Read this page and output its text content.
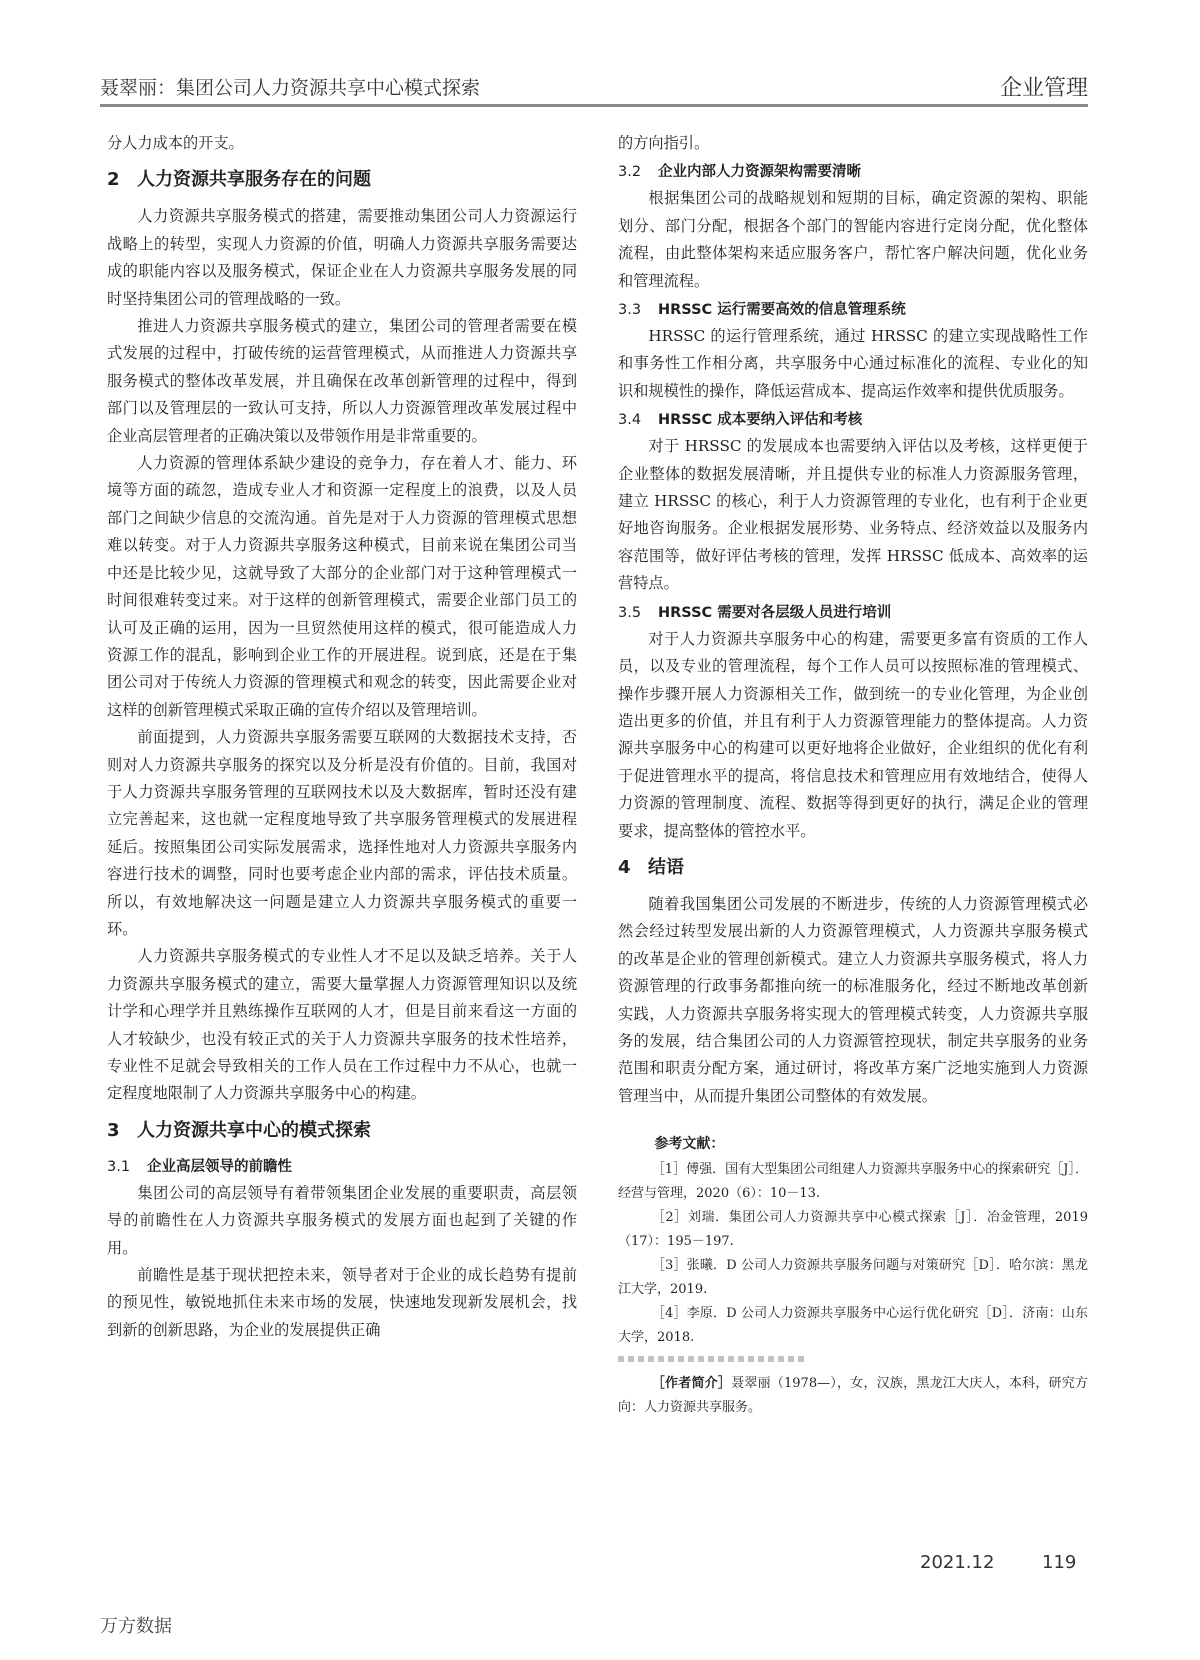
聂翠丽：集团公司人力资源共享中心模式探索	企业管理

分人力成本的开支。

2 人力资源共享服务存在的问题

人力资源共享服务模式的搭建，需要推动集团公司人力资源运行战略上的转型，实现人力资源的价值，明确人力资源共享服务需要达成的职能内容以及服务模式，保证企业在人力资源共享服务发展的同时坚持集团公司的管理战略的一致。

推进人力资源共享服务模式的建立，集团公司的管理者需要在模式发展的过程中，打破传统的运营管理模式，从而推进人力资源共享服务模式的整体改革发展，并且确保在改革创新管理的过程中，得到部门以及管理层的一致认可支持，所以人力资源管理改革发展过程中企业高层管理者的正确决策以及带领作用是非常重要的。

人力资源的管理体系缺少建设的竞争力，存在着人才、能力、环境等方面的疏忽，造成专业人才和资源一定程度上的浪费，以及人员部门之间缺少信息的交流沟通。首先是对于人力资源的管理模式思想难以转变。对于人力资源共享服务这种模式，目前来说在集团公司当中还是比较少见，这就导致了大部分的企业部门对于这种管理模式一时间很难转变过来。对于这样的创新管理模式，需要企业部门员工的认可及正确的运用，因为一旦贸然使用这样的模式，很可能造成人力资源工作的混乱，影响到企业工作的开展进程。说到底，还是在于集团公司对于传统人力资源的管理模式和观念的转变，因此需要企业对这样的创新管理模式采取正确的宣传介绍以及管理培训。

前面提到，人力资源共享服务需要互联网的大数据技术支持，否则对人力资源共享服务的探究以及分析是没有价值的。目前，我国对于人力资源共享服务管理的互联网技术以及大数据库，暂时还没有建立完善起来，这也就一定程度地导致了共享服务管理模式的发展进程延后。按照集团公司实际发展需求，选择性地对人力资源共享服务内容进行技术的调整，同时也要考虑企业内部的需求，评估技术质量。所以，有效地解决这一问题是建立人力资源共享服务模式的重要一环。

人力资源共享服务模式的专业性人才不足以及缺乏培养。关于人力资源共享服务模式的建立，需要大量掌握人力资源管理知识以及统计学和心理学并且熟练操作互联网的人才，但是目前来看这一方面的人才较缺少，也没有较正式的关于人力资源共享服务的技术性培养，专业性不足就会导致相关的工作人员在工作过程中力不从心，也就一定程度地限制了人力资源共享服务中心的构建。

3 人力资源共享中心的模式探索
3.1 企业高层领导的前瞻性

集团公司的高层领导有着带领集团企业发展的重要职责，高层领导的前瞻性在人力资源共享服务模式的发展方面也起到了关键的作用。

前瞻性是基于现状把控未来，领导者对于企业的成长趋势有提前的预见性，敏锐地抓住未来市场的发展，快速地发现新发展机会，找到新的创新思路，为企业的发展提供正确

的方向指引。

3.2 企业内部人力资源架构需要清晰

根据集团公司的战略规划和短期的目标，确定资源的架构、职能划分、部门分配，根据各个部门的智能内容进行定岗分配，优化整体流程，由此整体架构来适应服务客户，帮忙客户解决问题，优化业务和管理流程。

3.3 HRSSC 运行需要高效的信息管理系统

HRSSC 的运行管理系统，通过 HRSSC 的建立实现战略性工作和事务性工作相分离，共享服务中心通过标准化的流程、专业化的知识和规模性的操作，降低运营成本、提高运作效率和提供优质服务。

3.4 HRSSC 成本要纳入评估和考核

对于 HRSSC 的发展成本也需要纳入评估以及考核，这样更便于企业整体的数据发展清晰，并且提供专业的标准人力资源服务管理，建立 HRSSC 的核心，利于人力资源管理的专业化，也有利于企业更好地咨询服务。企业根据发展形势、业务特点、经济效益以及服务内容范围等，做好评估考核的管理，发挥 HRSSC 低成本、高效率的运营特点。

3.5 HRSSC 需要对各层级人员进行培训

对于人力资源共享服务中心的构建，需要更多富有资质的工作人员，以及专业的管理流程，每个工作人员可以按照标准的管理模式、操作步骤开展人力资源相关工作，做到统一的专业化管理，为企业创造出更多的价值，并且有利于人力资源管理能力的整体提高。人力资源共享服务中心的构建可以更好地将企业做好，企业组织的优化有利于促进管理水平的提高，将信息技术和管理应用有效地结合，使得人力资源的管理制度、流程、数据等得到更好的执行，满足企业的管理要求，提高整体的管控水平。

4 结语

随着我国集团公司发展的不断进步，传统的人力资源管理模式必然会经过转型发展出新的人力资源管理模式，人力资源共享服务模式的改革是企业的管理创新模式。建立人力资源共享服务模式，将人力资源管理的行政事务都推向统一的标准服务化，经过不断地改革创新实践，人力资源共享服务将实现大的管理模式转变，人力资源共享服务的发展，结合集团公司的人力资源管控现状，制定共享服务的业务范围和职责分配方案，通过研讨，将改革方案广泛地实施到人力资源管理当中，从而提升集团公司整体的有效发展。

参考文献：

［1］傅强．国有大型集团公司组建人力资源共享服务中心的探索研究［J］．经营与管理，2020（6）：10－13.

［2］刘瑞．集团公司人力资源共享中心模式探索［J］．冶金管理，2019（17）：195－197.

［3］张曦．D 公司人力资源共享服务问题与对策研究［D］．哈尔滨：黑龙江大学，2019.

［4］李原．D 公司人力资源共享服务中心运行优化研究［D］．济南：山东大学，2018.

［作者简介］聂翠丽（1978—），女，汉族，黑龙江大庆人，本科，研究方向：人力资源共享服务。

2021.12	119
万方数据
